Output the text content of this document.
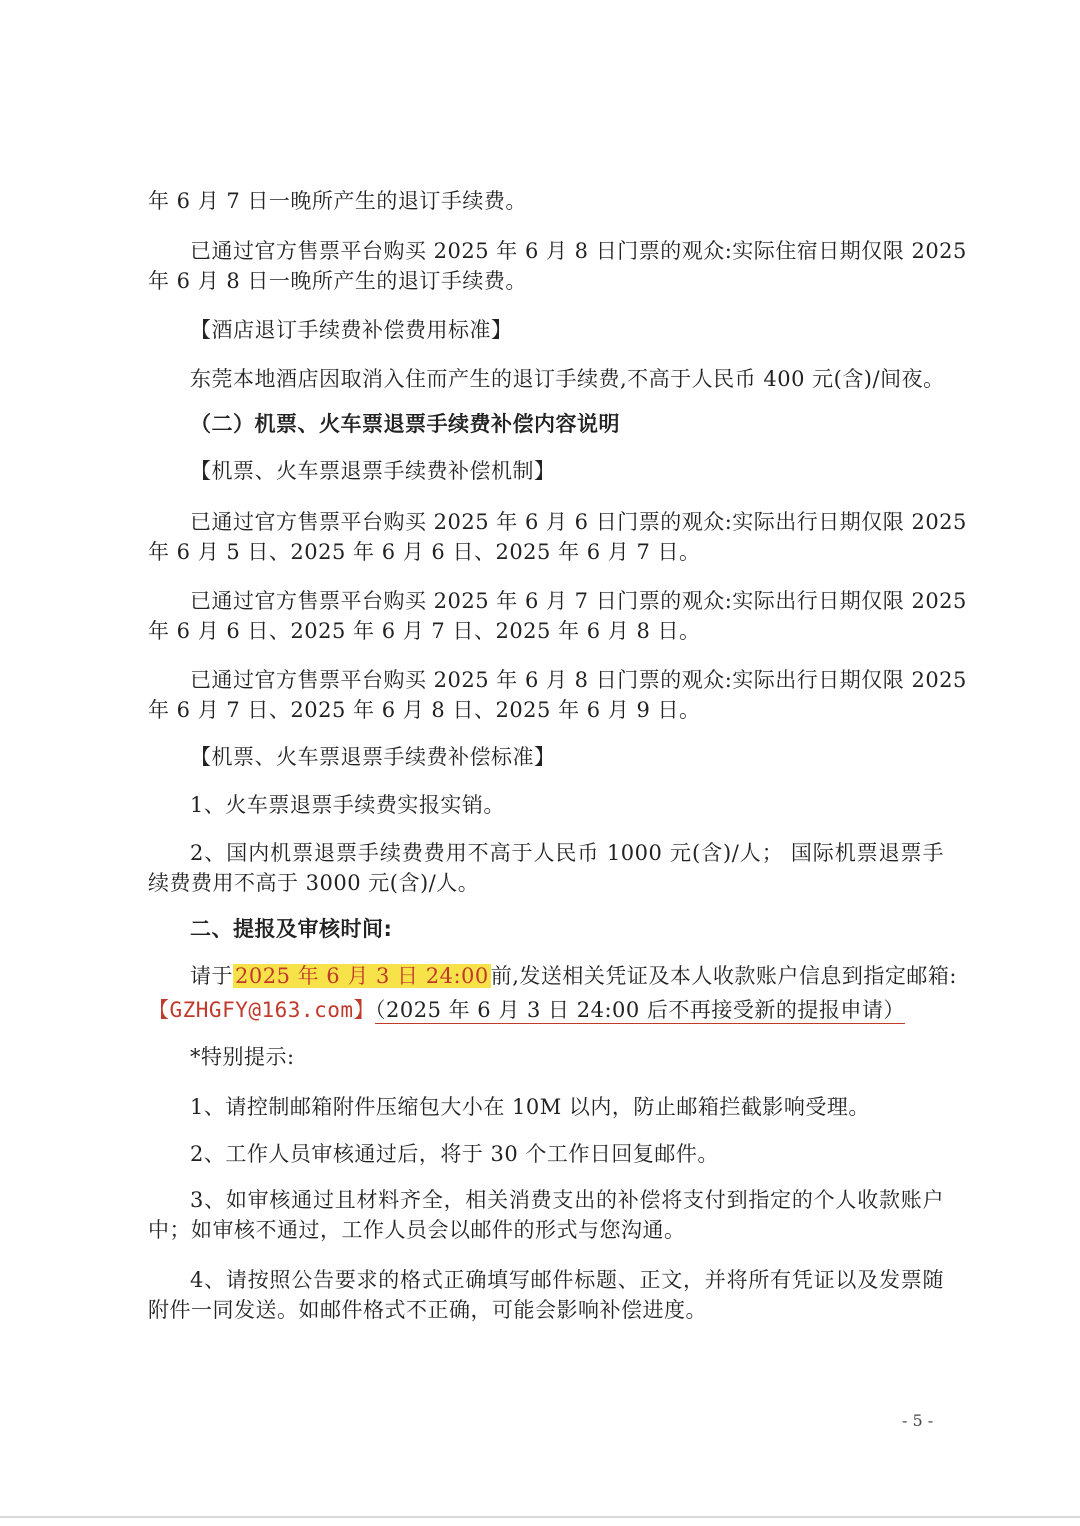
年 6 月 7 日一晚所产生的退订手续费。
已通过官方售票平台购买 2025 年 6 月 8 日门票的观众:实际住宿日期仅限 2025
年 6 月 8 日一晚所产生的退订手续费。
【酒店退订手续费补偿费用标准】
东莞本地酒店因取消入住而产生的退订手续费,不高于人民币 400 元(含)/间夜。
（二）机票、火车票退票手续费补偿内容说明
【机票、火车票退票手续费补偿机制】
已通过官方售票平台购买 2025 年 6 月 6 日门票的观众:实际出行日期仅限 2025
年 6 月 5 日、2025 年 6 月 6 日、2025 年 6 月 7 日。
已通过官方售票平台购买 2025 年 6 月 7 日门票的观众:实际出行日期仅限 2025
年 6 月 6 日、2025 年 6 月 7 日、2025 年 6 月 8 日。
已通过官方售票平台购买 2025 年 6 月 8 日门票的观众:实际出行日期仅限 2025
年 6 月 7 日、2025 年 6 月 8 日、2025 年 6 月 9 日。
【机票、火车票退票手续费补偿标准】
1、火车票退票手续费实报实销。
2、国内机票退票手续费费用不高于人民币 1000 元(含)/人； 国际机票退票手
续费费用不高于 3000 元(含)/人。
二、提报及审核时间:
请于2025 年 6 月 3 日 24:00前,发送相关凭证及本人收款账户信息到指定邮箱:
【GZHGFY@163.com】（2025 年 6 月 3 日 24:00 后不再接受新的提报申请）
*特别提示:
1、请控制邮箱附件压缩包大小在 10M 以内，防止邮箱拦截影响受理。
2、工作人员审核通过后，将于 30 个工作日回复邮件。
3、如审核通过且材料齐全，相关消费支出的补偿将支付到指定的个人收款账户
中；如审核不通过，工作人员会以邮件的形式与您沟通。
4、请按照公告要求的格式正确填写邮件标题、正文，并将所有凭证以及发票随
附件一同发送。如邮件格式不正确，可能会影响补偿进度。
- 5 -
